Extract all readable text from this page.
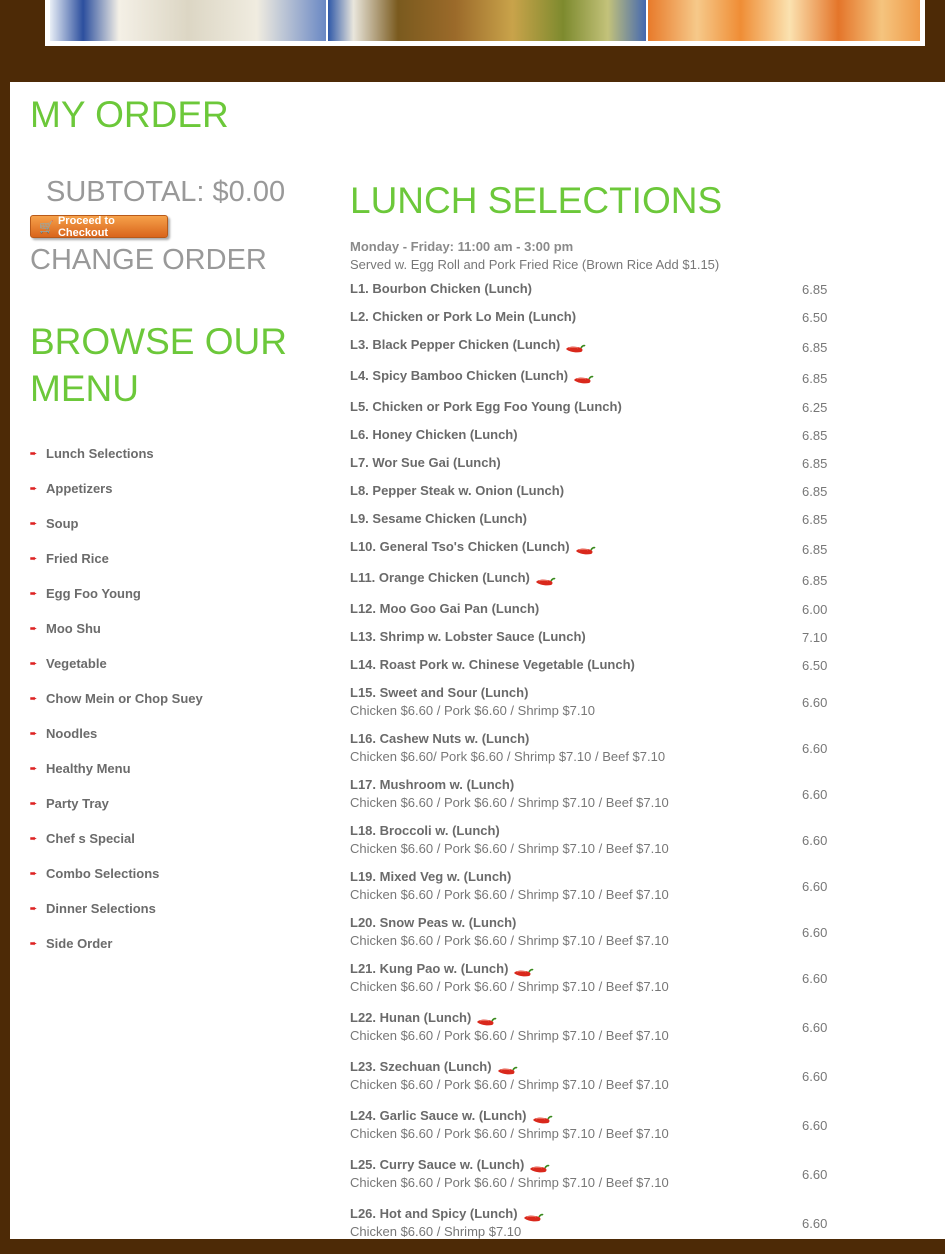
MY ORDER
SUBTOTAL: $0.00
🛒 Proceed to Checkout
CHANGE ORDER
BROWSE OUR MENU
➨ Lunch Selections
➨ Appetizers
➨ Soup
➨ Fried Rice
➨ Egg Foo Young
➨ Moo Shu
➨ Vegetable
➨ Chow Mein or Chop Suey
➨ Noodles
➨ Healthy Menu
➨ Party Tray
➨ Chef s Special
➨ Combo Selections
➨ Dinner Selections
➨ Side Order
LUNCH SELECTIONS
Monday - Friday: 11:00 am - 3:00 pm
Served w. Egg Roll and Pork Fried Rice (Brown Rice Add $1.15)
L1. Bourbon Chicken (Lunch)	6.85
L2. Chicken or Pork Lo Mein (Lunch)	6.50
L3. Black Pepper Chicken (Lunch)	6.85
L4. Spicy Bamboo Chicken (Lunch)	6.85
L5. Chicken or Pork Egg Foo Young (Lunch)	6.25
L6. Honey Chicken (Lunch)	6.85
L7. Wor Sue Gai (Lunch)	6.85
L8. Pepper Steak w. Onion (Lunch)	6.85
L9. Sesame Chicken (Lunch)	6.85
L10. General Tso's Chicken (Lunch)	6.85
L11. Orange Chicken (Lunch)	6.85
L12. Moo Goo Gai Pan (Lunch)	6.00
L13. Shrimp w. Lobster Sauce (Lunch)	7.10
L14. Roast Pork w. Chinese Vegetable (Lunch)	6.50
L15. Sweet and Sour (Lunch)
Chicken $6.60 / Pork $6.60 / Shrimp $7.10
6.60
L16. Cashew Nuts w. (Lunch)
Chicken $6.60/ Pork $6.60 / Shrimp $7.10 / Beef $7.10
6.60
L17. Mushroom w. (Lunch)
Chicken $6.60 / Pork $6.60 / Shrimp $7.10 / Beef $7.10
6.60
L18. Broccoli w. (Lunch)
Chicken $6.60 / Pork $6.60 / Shrimp $7.10 / Beef $7.10
6.60
L19. Mixed Veg w. (Lunch)
Chicken $6.60 / Pork $6.60 / Shrimp $7.10 / Beef $7.10
6.60
L20. Snow Peas w. (Lunch)
Chicken $6.60 / Pork $6.60 / Shrimp $7.10 / Beef $7.10
6.60
L21. Kung Pao w. (Lunch)
Chicken $6.60 / Pork $6.60 / Shrimp $7.10 / Beef $7.10
6.60
L22. Hunan (Lunch)
Chicken $6.60 / Pork $6.60 / Shrimp $7.10 / Beef $7.10
6.60
L23. Szechuan (Lunch)
Chicken $6.60 / Pork $6.60 / Shrimp $7.10 / Beef $7.10
6.60
L24. Garlic Sauce w. (Lunch)
Chicken $6.60 / Pork $6.60 / Shrimp $7.10 / Beef $7.10
6.60
L25. Curry Sauce w. (Lunch)
Chicken $6.60 / Pork $6.60 / Shrimp $7.10 / Beef $7.10
6.60
L26. Hot and Spicy (Lunch)
Chicken $6.60 / Shrimp $7.10
6.60
